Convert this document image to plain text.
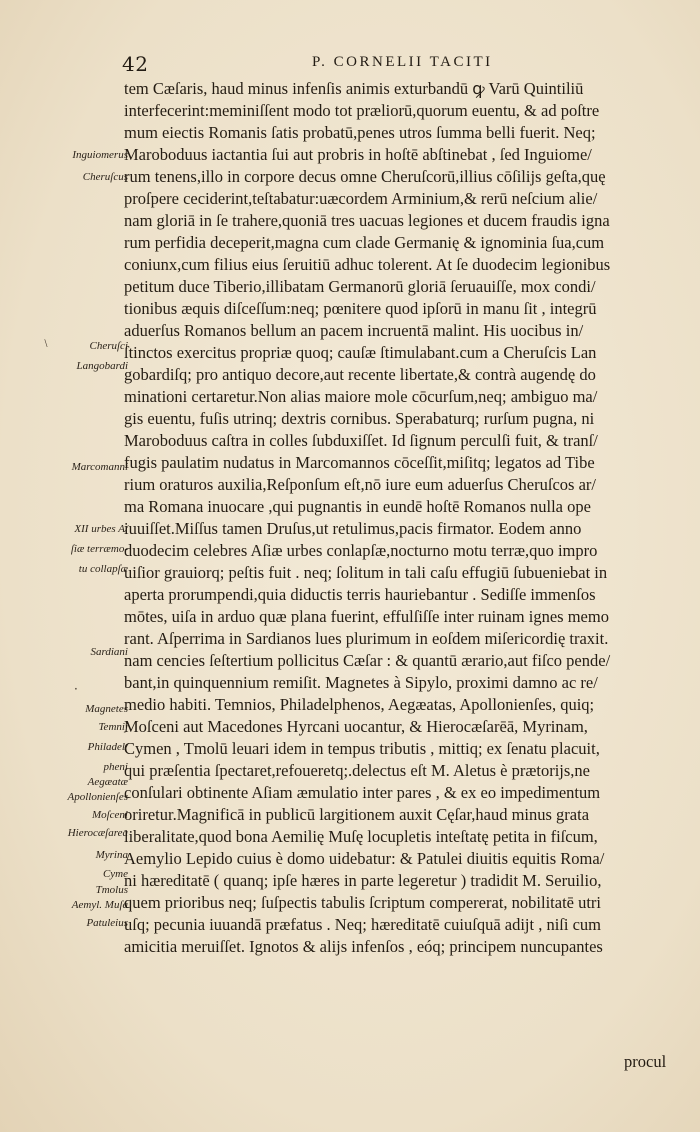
42	P. CORNELII TACITI
Inguiomerus
Cheruſcus
Cheruſci
Langobardi
Marcomanni
XII urbes A/
ſiæ terræmo-
tu collapſæ
Sardiani
Magnetes
Temnij
Philadel/
pheni
Aegæatæ
Apollonienſes
Moſceni
Hierocæſarea
Myrina
Cyme
Tmolus
Aemyl. Muſa
Patuleius
tem Cæſaris, haud minus infenſis animis exturbandū ꝙ Varū Quintiliū
interfecerint:meminiſſent modo tot præliorū,quorum euentu, & ad poſtre
mum eiectis Romanis ſatis probatū,penes utros ſumma belli fuerit. Neq;
Maroboduus iactantia ſui aut probris in hoſtē abſtinebat , ſed Inguiome/
rum tenens,illo in corpore decus omne Cheruſcorū,illius cōſilijs geſta,quę
proſpere ceciderint,teſtabatur:uæcordem Arminium,& rerū neſcium alie/
nam gloriā in ſe trahere,quoniā tres uacuas legiones et ducem fraudis igna
rum perfidia deceperit,magna cum clade Germanię & ignominia ſua,cum
coniunx,cum filius eius ſeruitiū adhuc tolerent. At ſe duodecim legionibus
petitum duce Tiberio,illibatam Germanorū gloriā ſeruauiſſe, mox condi/
tionibus æquis diſceſſum:neq; pœnitere quod ipſorū in manu ſit , integrū
aduerſus Romanos bellum an pacem incruentā malint. His uocibus in/
ſtinctos exercitus propriæ quoq; cauſæ ſtimulabant.cum a Cheruſcis Lan
gobardiſq; pro antiquo decore,aut recente libertate,& contrà augendę do
minationi certaretur.Non alias maiore mole cōcurſum,neq; ambiguo ma/
gis euentu, fuſis utrinq; dextris cornibus. Sperabaturq; rurſum pugna, ni
Maroboduus caſtra in colles ſubduxiſſet. Id ſignum perculſi fuit, & tranſ/
fugis paulatim nudatus in Marcomannos cōceſſit,miſitq; legatos ad Tibe
rium oraturos auxilia,Reſponſum eſt,nō iure eum aduerſus Cheruſcos ar/
ma Romana inuocare ,qui pugnantis in eundē hoſtē Romanos nulla ope
iuuiſſet.Miſſus tamen Druſus,ut retulimus,pacis firmator. Eodem anno
duodecim celebres Aſiæ urbes conlapſæ,nocturno motu terræ,quo impro
uiſior grauiorq; peſtis fuit . neq; ſolitum in tali caſu effugiū ſubueniebat in
aperta prorumpendi,quia diductis terris hauriebantur . Sediſſe immenſos
mōtes, uiſa in arduo quæ plana fuerint, effulſiſſe inter ruinam ignes memo
rant. Aſperrima in Sardianos lues plurimum in eoſdem miſericordię traxit.
nam cencies ſeſtertium pollicitus Cæſar : & quantū ærario,aut fiſco pende/
bant,in quinquennium remiſit. Magnetes à Sipylo, proximi damno ac re/
medio habiti. Temnios, Philadelphenos, Aegæatas, Apollonienſes, quiq;
Moſceni aut Macedones Hyrcani uocantur, & Hierocæſarēā, Myrinam,
Cymen , Tmolū leuari idem in tempus tributis , mittiq; ex ſenatu placuit,
qui præſentia ſpectaret,refoueretq;.delectus eſt M. Aletus è prætorijs,ne
conſulari obtinente Aſiam æmulatio inter pares , & ex eo impedimentum
oriretur.Magnificā in publicū largitionem auxit Cęſar,haud minus grata
liberalitate,quod bona Aemilię Muſę locupletis inteſtatę petita in fiſcum,
Aemylio Lepido cuius è domo uidebatur: & Patulei diuitis equitis Roma/
ni hæreditatē ( quanq; ipſe hæres in parte legeretur ) tradidit M. Seruilio,
quem prioribus neq; ſuſpectis tabulis ſcriptum compererat, nobilitatē utri
uſq; pecunia iuuandā præfatus . Neq; hæreditatē cuiuſquā adijt , niſi cum
amicitia meruiſſet. Ignotos & alijs infenſos , eóq; principem nuncupantes
procul
﹨
·
